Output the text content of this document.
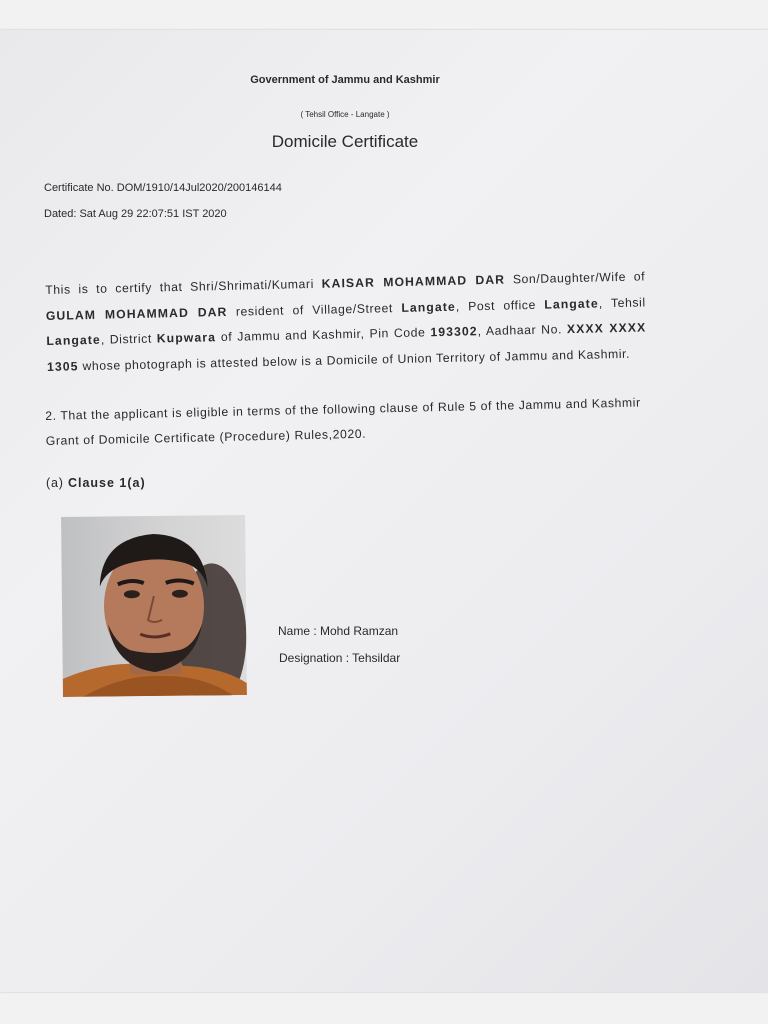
Government of Jammu and Kashmir
( Tehsil Office - Langate )
Domicile Certificate
Certificate No. DOM/1910/14Jul2020/200146144
Dated: Sat Aug 29 22:07:51 IST 2020
This is to certify that Shri/Shrimati/Kumari KAISAR MOHAMMAD DAR Son/Daughter/Wife of GULAM MOHAMMAD DAR resident of Village/Street Langate, Post office Langate, Tehsil Langate, District Kupwara of Jammu and Kashmir, Pin Code 193302, Aadhaar No. XXXX XXXX 1305 whose photograph is attested below is a Domicile of Union Territory of Jammu and Kashmir.
2. That the applicant is eligible in terms of the following clause of Rule 5 of the Jammu and Kashmir Grant of Domicile Certificate (Procedure) Rules,2020.
(a) Clause 1(a)
Name : Mohd Ramzan
Designation : Tehsildar
